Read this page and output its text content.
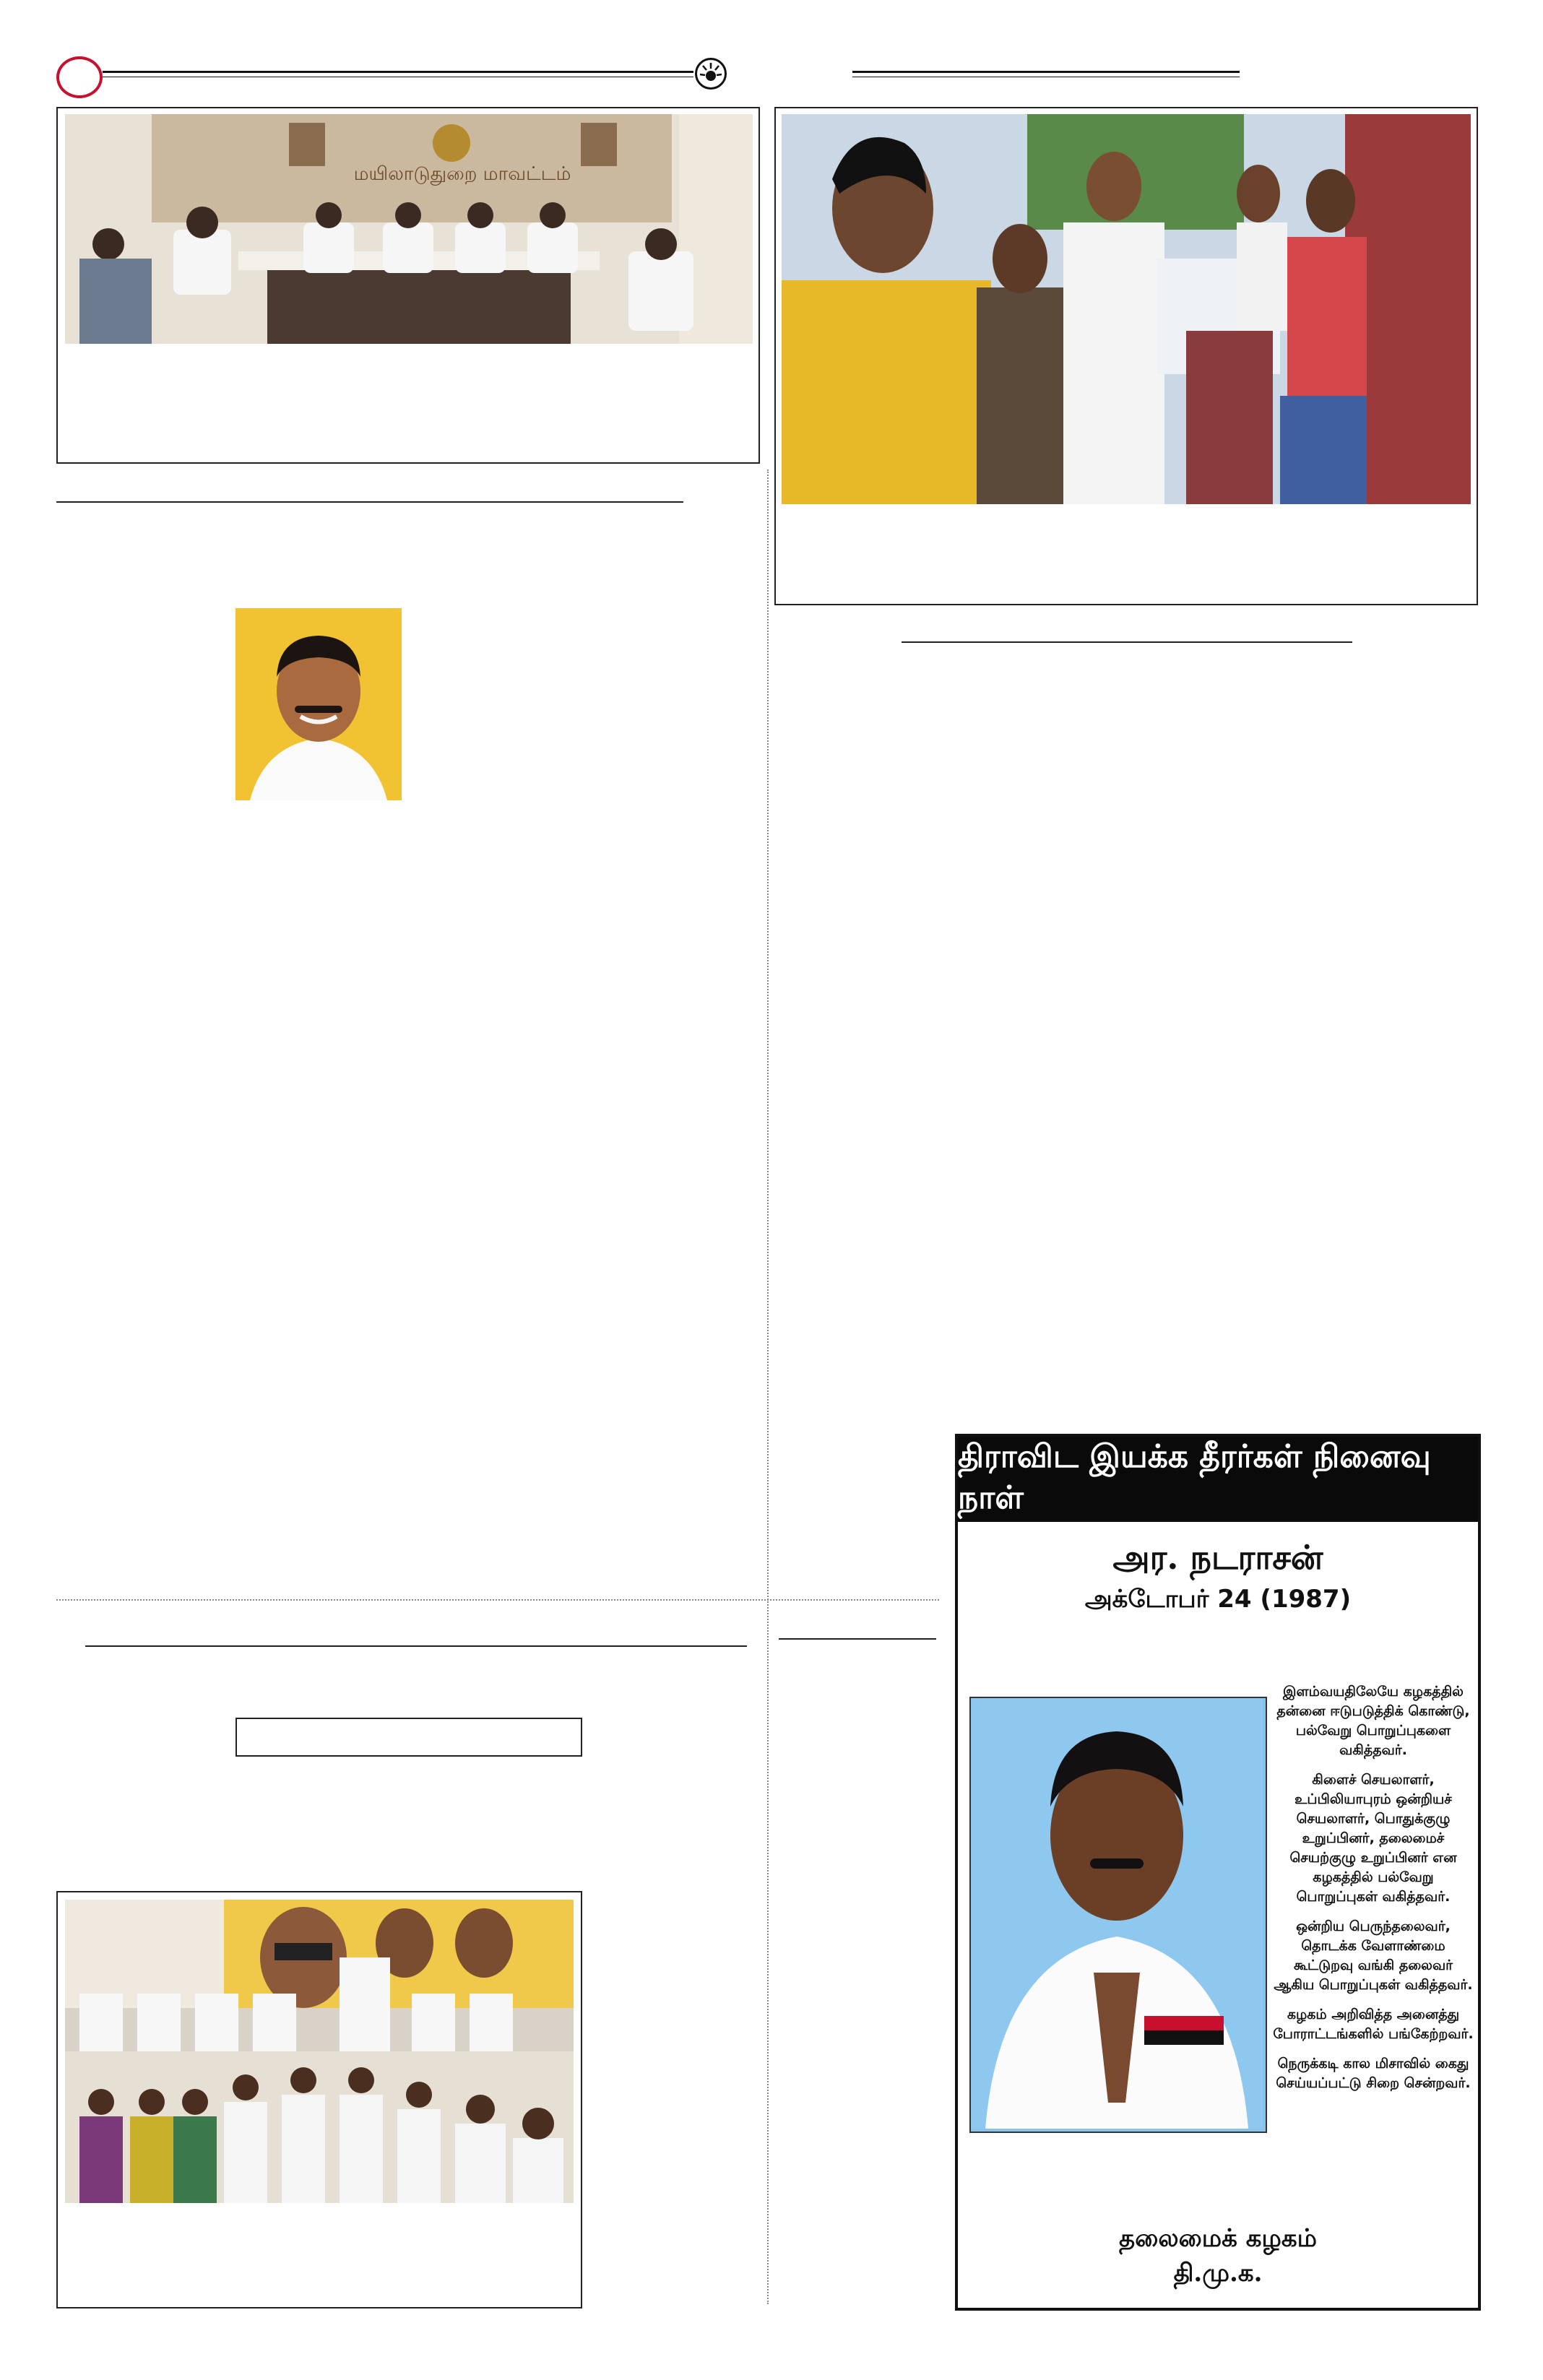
மயிலாடுதுறை மாவட்டம்
திராவிட இயக்க தீரர்கள் நினைவு நாள்
அர. நடராசன்
அக்டோபர் 24 (1987)

இளம்வயதிலேயே கழகத்தில் தன்னை ஈடுபடுத்திக் கொண்டு, பல்வேறு பொறுப்புகளை வகித்தவர்.

கிளைச் செயலாளர், உப்பிலியாபுரம் ஒன்றியச் செயலாளர், பொதுக்குழு உறுப்பினர், தலைமைச் செயற்குழு உறுப்பினர் என கழகத்தில் பல்வேறு பொறுப்புகள் வகித்தவர்.

ஒன்றிய பெருந்தலைவர், தொடக்க வேளாண்மை கூட்டுறவு வங்கி தலைவர் ஆகிய பொறுப்புகள் வகித்தவர்.

கழகம் அறிவித்த அனைத்து போராட்டங்களில் பங்கேற்றவர்.

நெருக்கடி கால மிசாவில் கைது செய்யப்பட்டு சிறை சென்றவர்.

தலைமைக் கழகம்
தி.மு.க.
